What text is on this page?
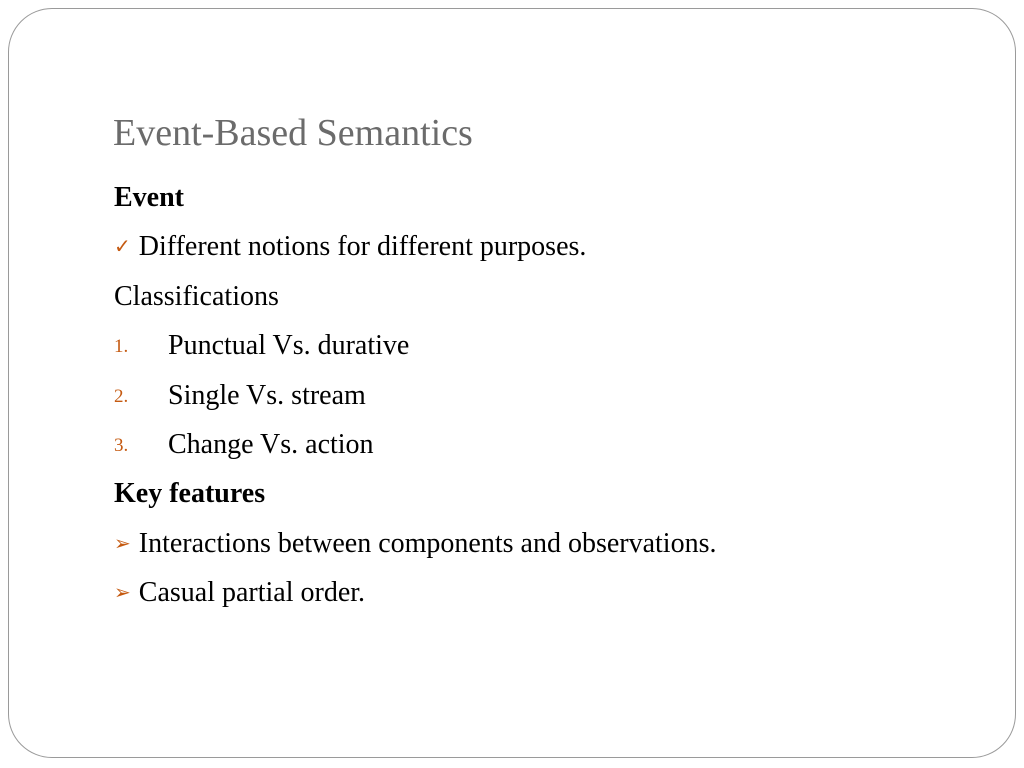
Event-Based Semantics
Event
✓ Different notions for different purposes.
Classifications
1. Punctual Vs. durative
2. Single Vs. stream
3. Change Vs. action
Key features
➢ Interactions between components and observations.
➢ Casual partial order.
